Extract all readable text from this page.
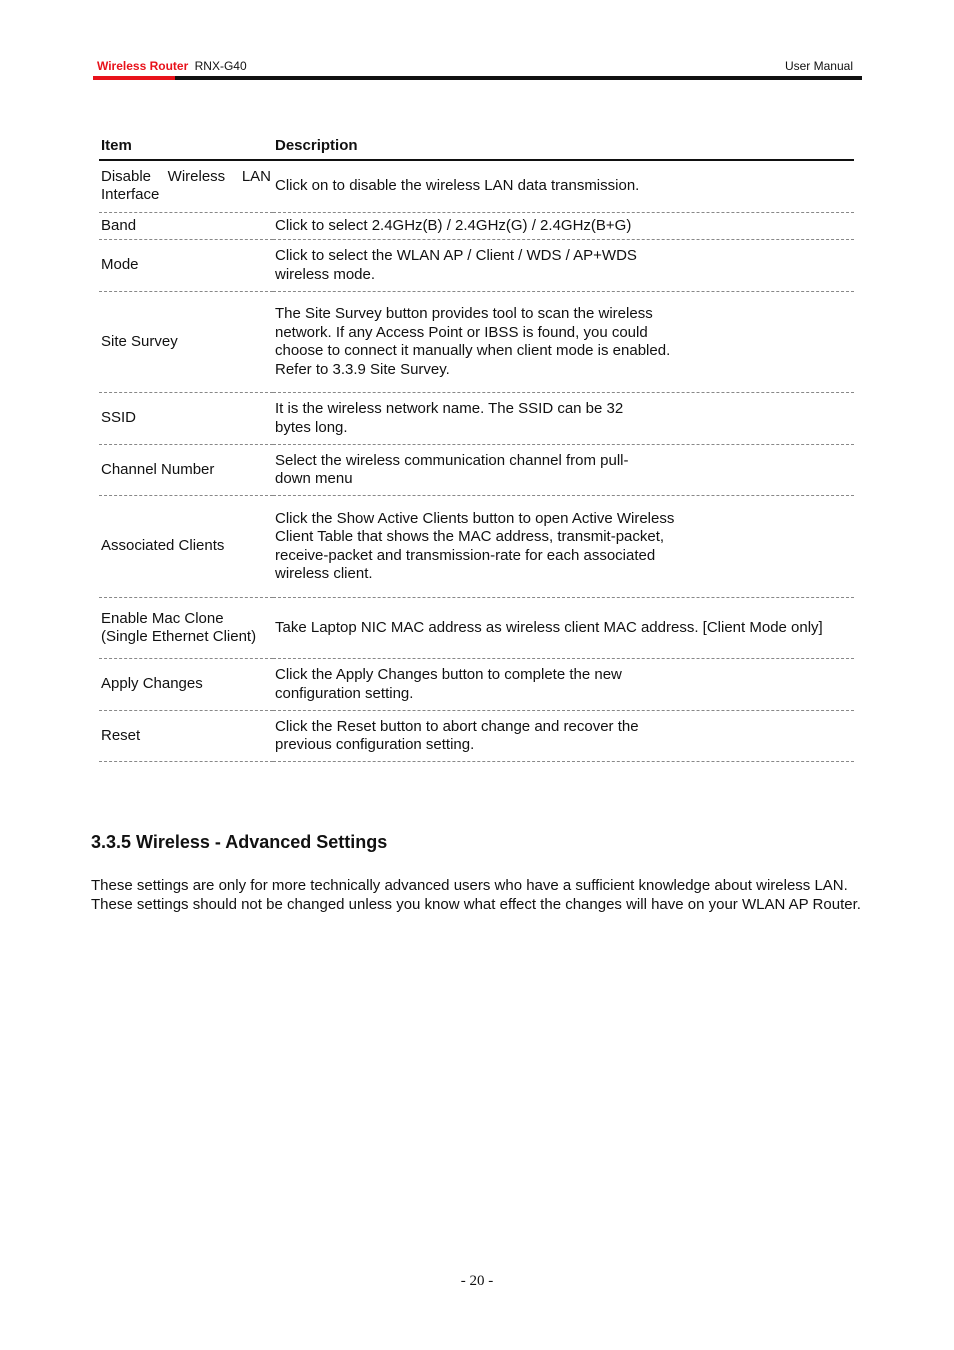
Wireless Router RNX-G40	User Manual
Item	Description
Disable Wireless LAN Interface	Click on to disable the wireless LAN data transmission.

Band	Click to select 2.4GHz(B) / 2.4GHz(G) / 2.4GHz(B+G)

Mode	Click to select the WLAN AP / Client / WDS / AP+WDS wireless mode.

Site Survey	The Site Survey button provides tool to scan the wireless network. If any Access Point or IBSS is found, you could choose to connect it manually when client mode is enabled. Refer to 3.3.9 Site Survey.

SSID	It is the wireless network name. The SSID can be 32 bytes long.

Channel Number	Select the wireless communication channel from pull-down menu

Associated Clients	Click the Show Active Clients button to open Active Wireless Client Table that shows the MAC address, transmit-packet, receive-packet and transmission-rate for each associated wireless client.

Enable Mac Clone (Single Ethernet Client)	Take Laptop NIC MAC address as wireless client MAC address. [Client Mode only]

Apply Changes	Click the Apply Changes button to complete the new configuration setting.

Reset	Click the Reset button to abort change and recover the previous configuration setting.
3.3.5 Wireless - Advanced Settings

These settings are only for more technically advanced users who have a sufficient knowledge about wireless LAN. These settings should not be changed unless you know what effect the changes will have on your WLAN AP Router.

- 20 -
